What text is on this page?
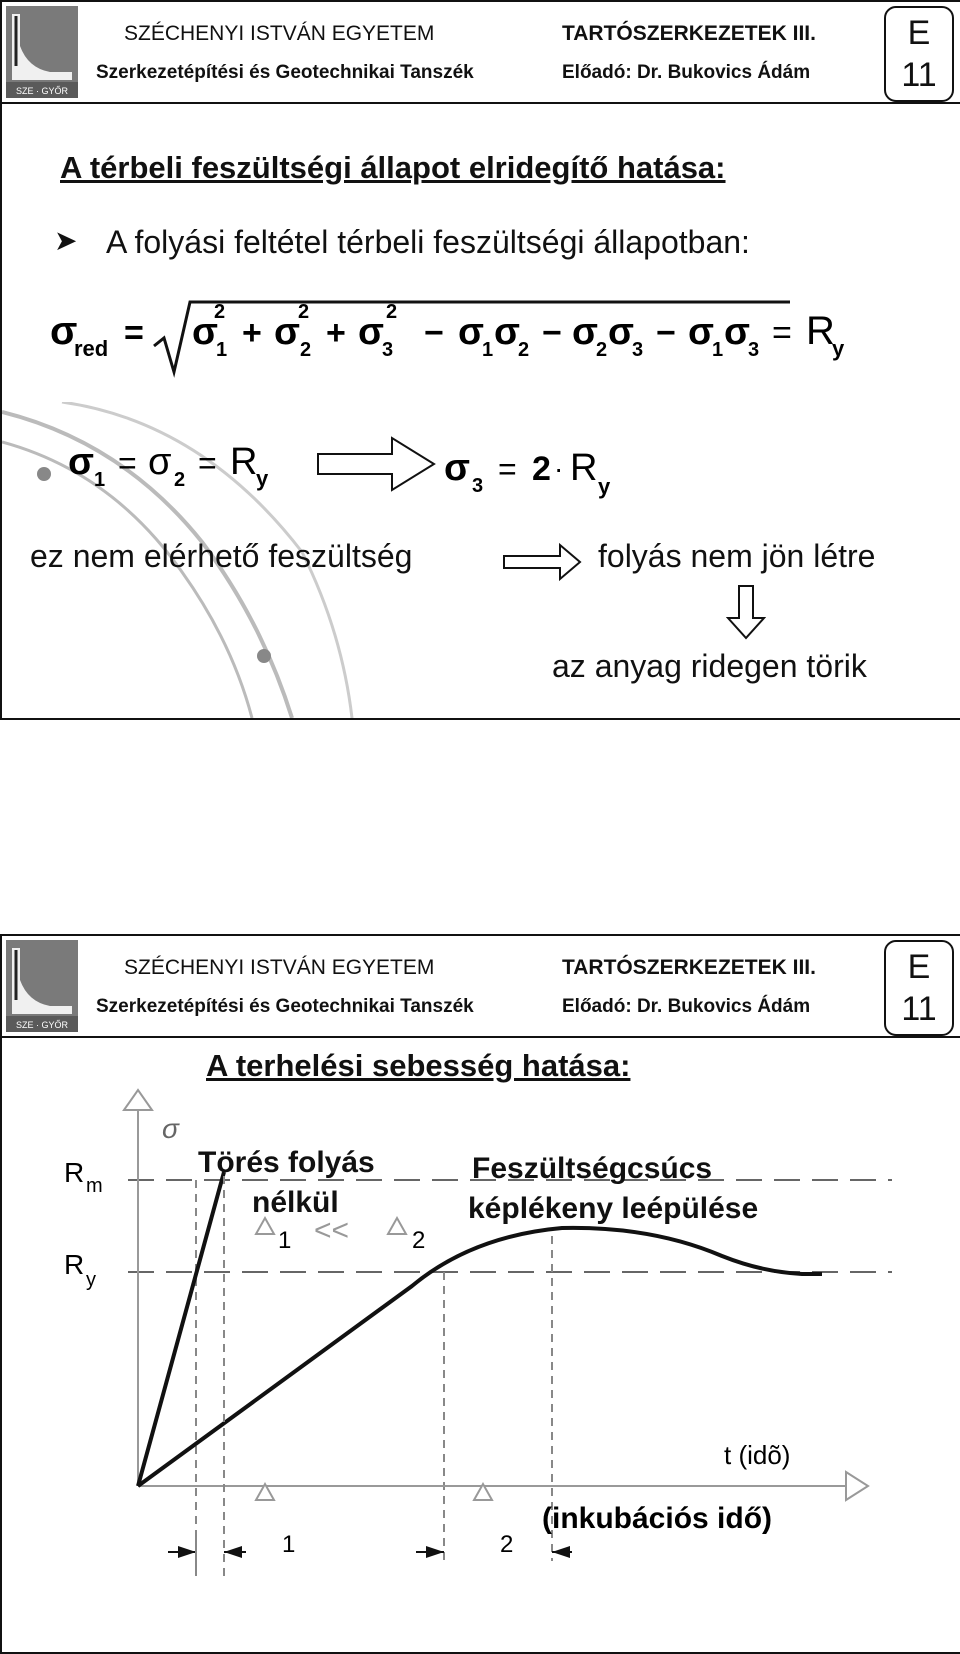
SZE · GYŐR
SZÉCHENYI ISTVÁN EGYETEM
Szerkezetépítési és Geotechnikai Tanszék
TARTÓSZERKEZETEK III.
Előadó: Dr. Bukovics Ádám
E
11
A térbeli feszültségi állapot elridegítő hatása:
➤ A folyási feltétel térbeli feszültségi állapotban:
σ
red = σ
2
1 + σ
2
2 + σ 2
3 − σ
1 σ
2 − σ
2 σ
3 − σ
1 σ
3 = R
y
σ 1 = σ 2 = R
y	σ 3 = 2 · R y
ez nem elérhető feszültség	folyás nem jön létre
az anyag ridegen törik
SZE · GYŐR
SZÉCHENYI ISTVÁN EGYETEM
Szerkezetépítési és Geotechnikai Tanszék
TARTÓSZERKEZETEK III.
Előadó: Dr. Bukovics Ádám
E
11
A terhelési sebesség hatása:
σ
R m
R y
1 <<	2
t (idõ)
1	2
(inkubációs idő)
Törés folyás
nélkül
Feszültségcsúcs
képlékeny leépülése
